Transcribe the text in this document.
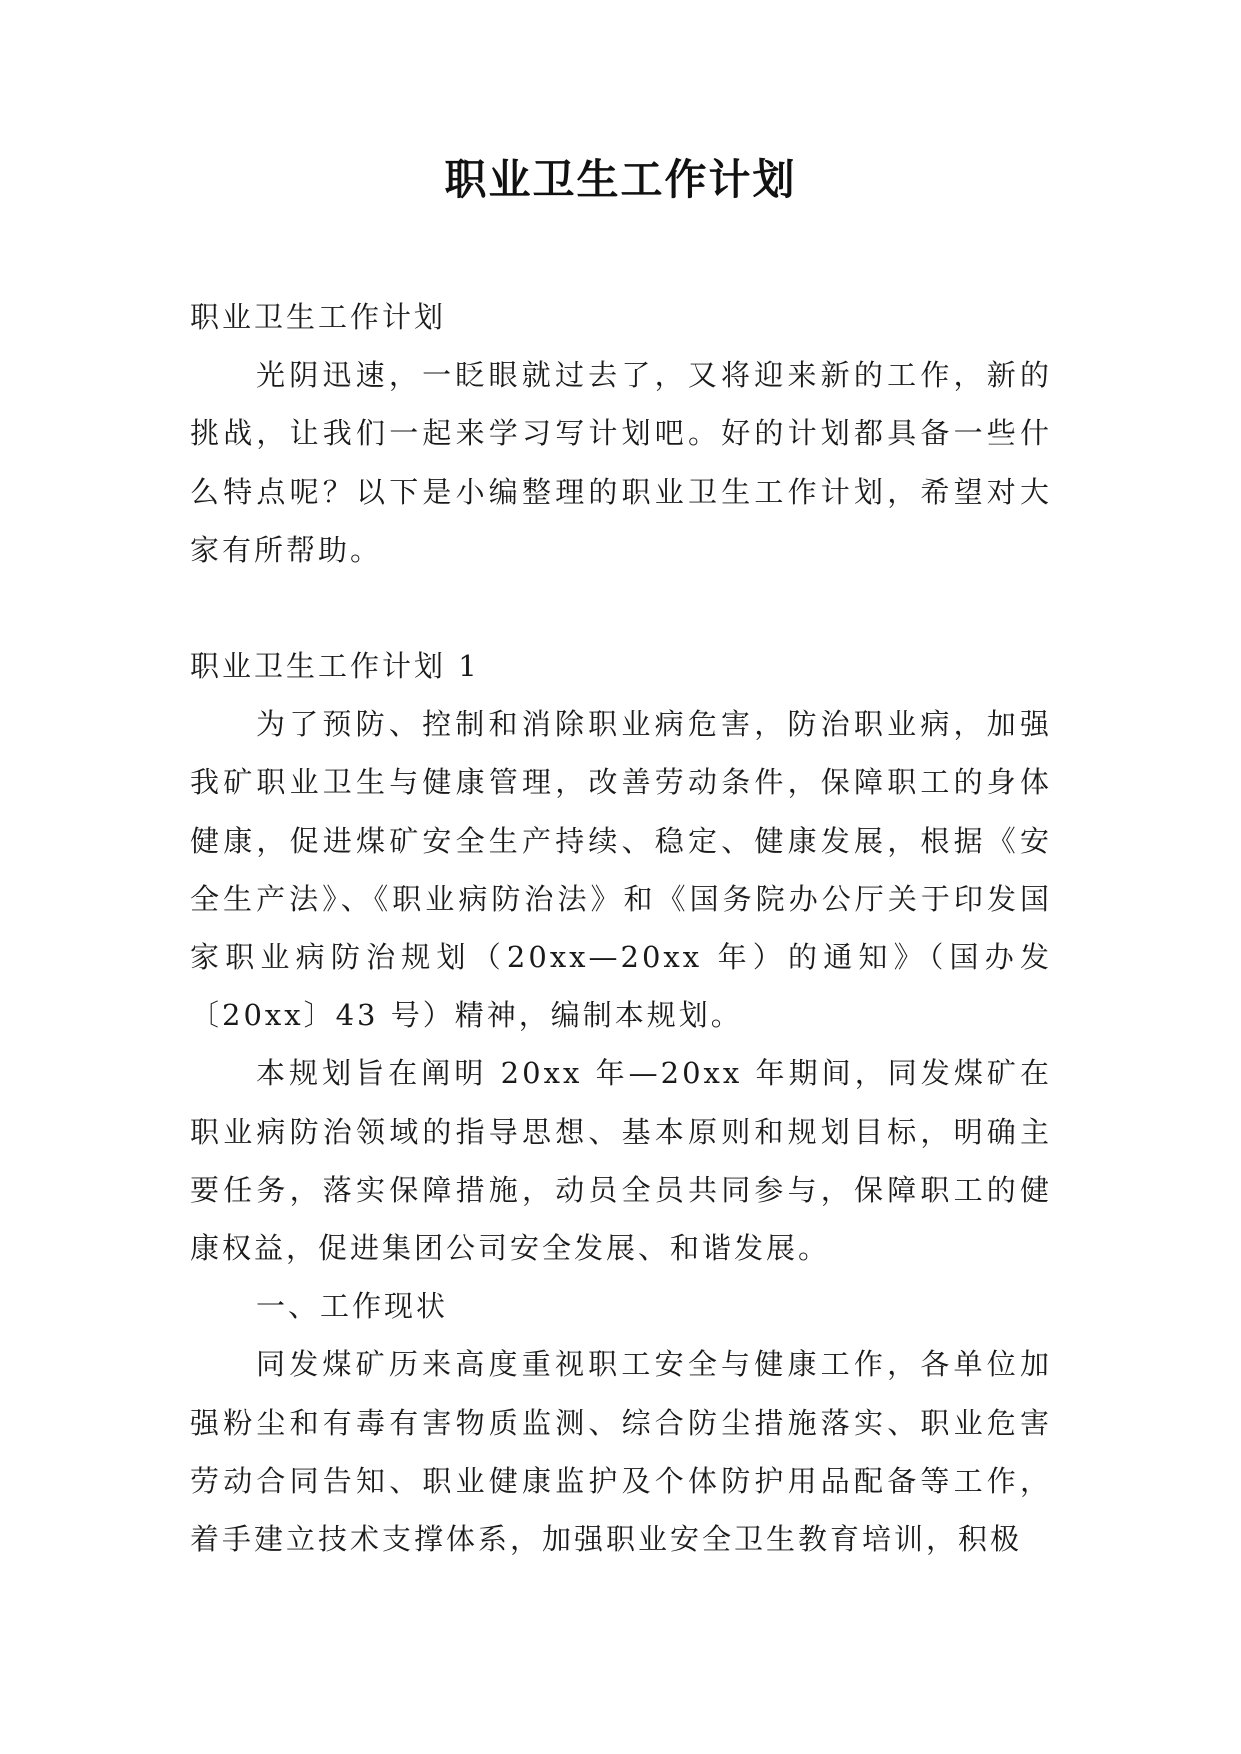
职业卫生工作计划

职业卫生工作计划

光阴迅速，一眨眼就过去了，又将迎来新的工作，新的挑战，让我们一起来学习写计划吧。好的计划都具备一些什么特点呢？以下是小编整理的职业卫生工作计划，希望对大家有所帮助。

职业卫生工作计划 1

为了预防、控制和消除职业病危害，防治职业病，加强我矿职业卫生与健康管理，改善劳动条件，保障职工的身体健康，促进煤矿安全生产持续、稳定、健康发展，根据《安全生产法》、《职业病防治法》和《国务院办公厅关于印发国家职业病防治规划（20xx—20xx 年）的通知》（国办发〔20xx〕43 号）精神，编制本规划。

本规划旨在阐明 20xx 年—20xx 年期间，同发煤矿在职业病防治领域的指导思想、基本原则和规划目标，明确主要任务，落实保障措施，动员全员共同参与，保障职工的健康权益，促进集团公司安全发展、和谐发展。

一、工作现状

同发煤矿历来高度重视职工安全与健康工作，各单位加强粉尘和有毒有害物质监测、综合防尘措施落实、职业危害劳动合同告知、职业健康监护及个体防护用品配备等工作，着手建立技术支撑体系，加强职业安全卫生教育培训，积极
